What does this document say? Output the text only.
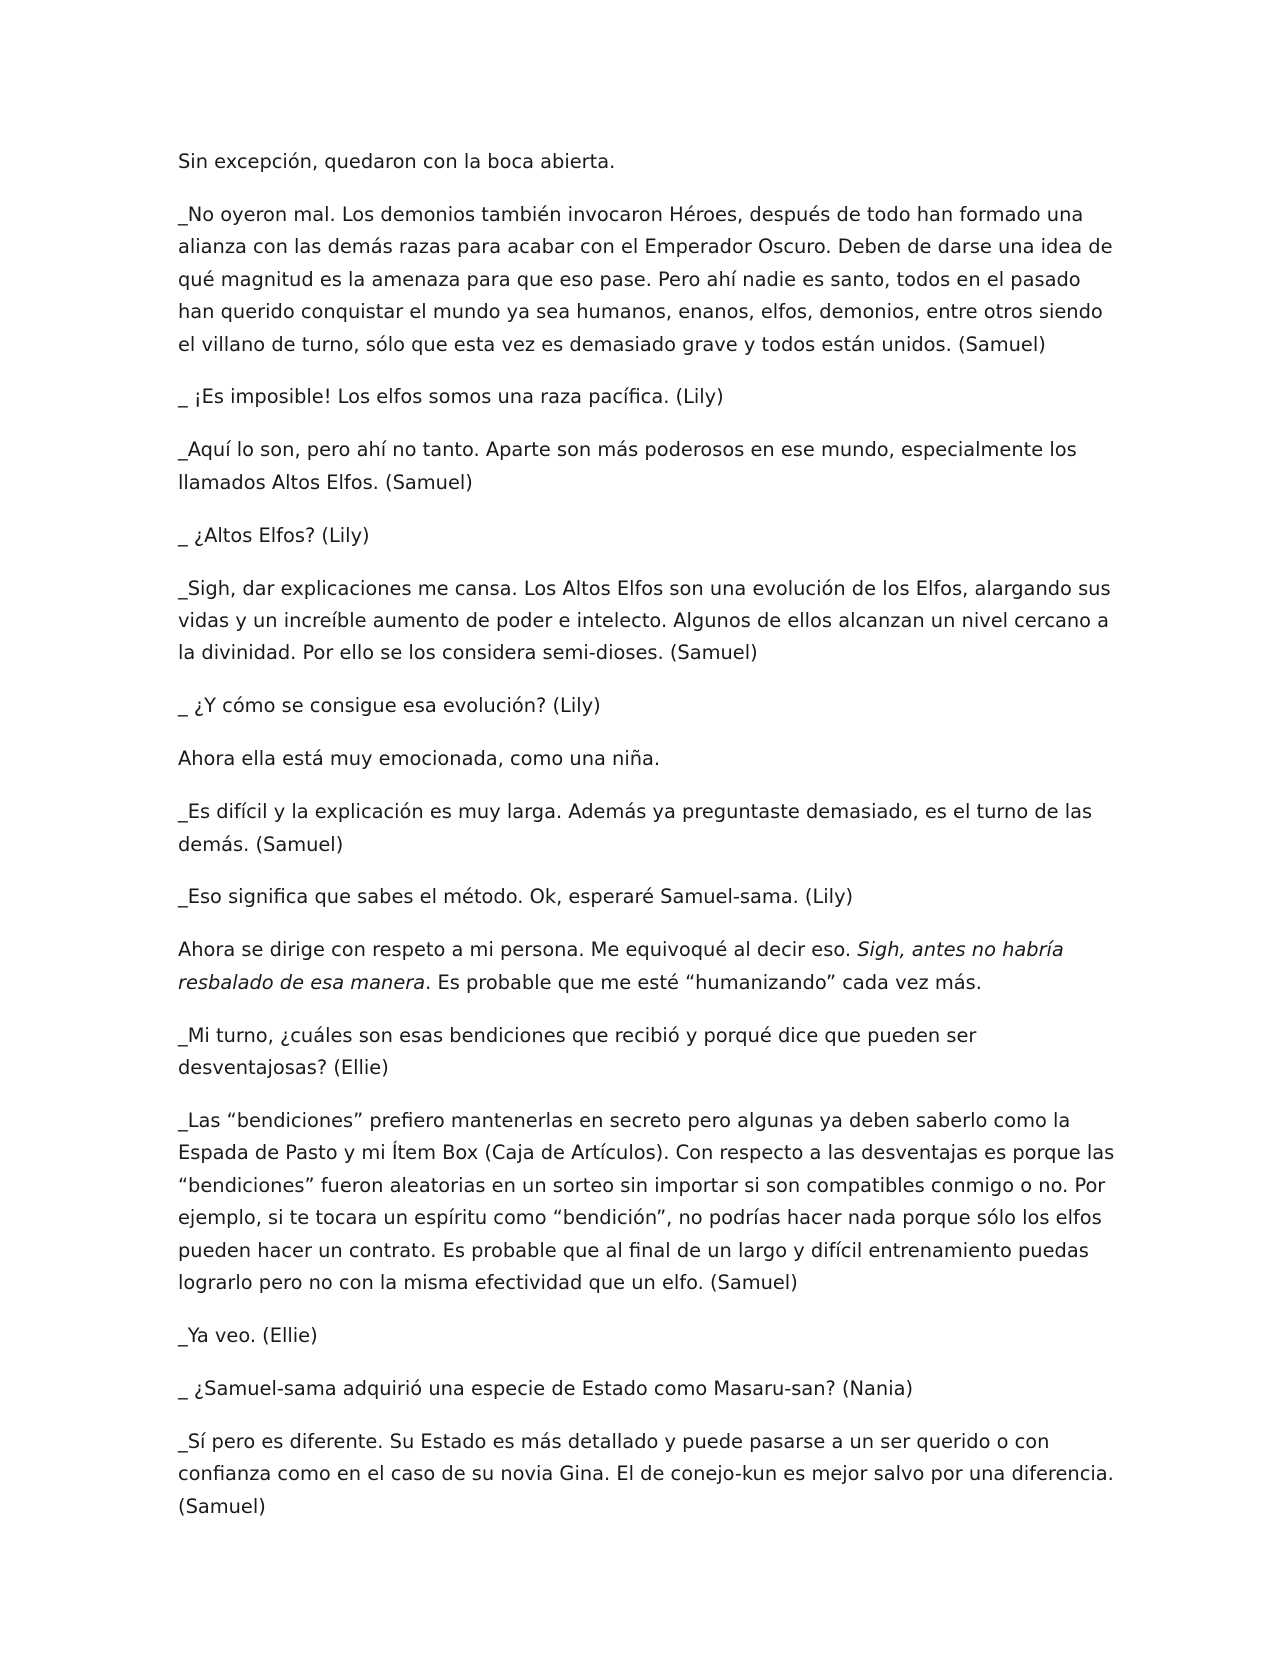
Sin excepción, quedaron con la boca abierta.

_No oyeron mal. Los demonios también invocaron Héroes, después de todo han formado una alianza con las demás razas para acabar con el Emperador Oscuro. Deben de darse una idea de qué magnitud es la amenaza para que eso pase. Pero ahí nadie es santo, todos en el pasado han querido conquistar el mundo ya sea humanos, enanos, elfos, demonios, entre otros siendo el villano de turno, sólo que esta vez es demasiado grave y todos están unidos. (Samuel)

_ ¡Es imposible! Los elfos somos una raza pacífica. (Lily)

_Aquí lo son, pero ahí no tanto. Aparte son más poderosos en ese mundo, especialmente los llamados Altos Elfos. (Samuel)

_ ¿Altos Elfos? (Lily)

_Sigh, dar explicaciones me cansa. Los Altos Elfos son una evolución de los Elfos, alargando sus vidas y un increíble aumento de poder e intelecto. Algunos de ellos alcanzan un nivel cercano a la divinidad. Por ello se los considera semi-dioses. (Samuel)

_ ¿Y cómo se consigue esa evolución? (Lily)

Ahora ella está muy emocionada, como una niña.

_Es difícil y la explicación es muy larga. Además ya preguntaste demasiado, es el turno de las demás. (Samuel)

_Eso significa que sabes el método. Ok, esperaré Samuel-sama. (Lily)

Ahora se dirige con respeto a mi persona. Me equivoqué al decir eso. Sigh, antes no habría resbalado de esa manera. Es probable que me esté “humanizando” cada vez más.

_Mi turno, ¿cuáles son esas bendiciones que recibió y porqué dice que pueden ser desventajosas? (Ellie)

_Las “bendiciones” prefiero mantenerlas en secreto pero algunas ya deben saberlo como la Espada de Pasto y mi Ítem Box (Caja de Artículos). Con respecto a las desventajas es porque las “bendiciones” fueron aleatorias en un sorteo sin importar si son compatibles conmigo o no. Por ejemplo, si te tocara un espíritu como “bendición”, no podrías hacer nada porque sólo los elfos pueden hacer un contrato. Es probable que al final de un largo y difícil entrenamiento puedas lograrlo pero no con la misma efectividad que un elfo. (Samuel)

_Ya veo. (Ellie)

_ ¿Samuel-sama adquirió una especie de Estado como Masaru-san? (Nania)

_Sí pero es diferente. Su Estado es más detallado y puede pasarse a un ser querido o con confianza como en el caso de su novia Gina. El de conejo-kun es mejor salvo por una diferencia. (Samuel)
